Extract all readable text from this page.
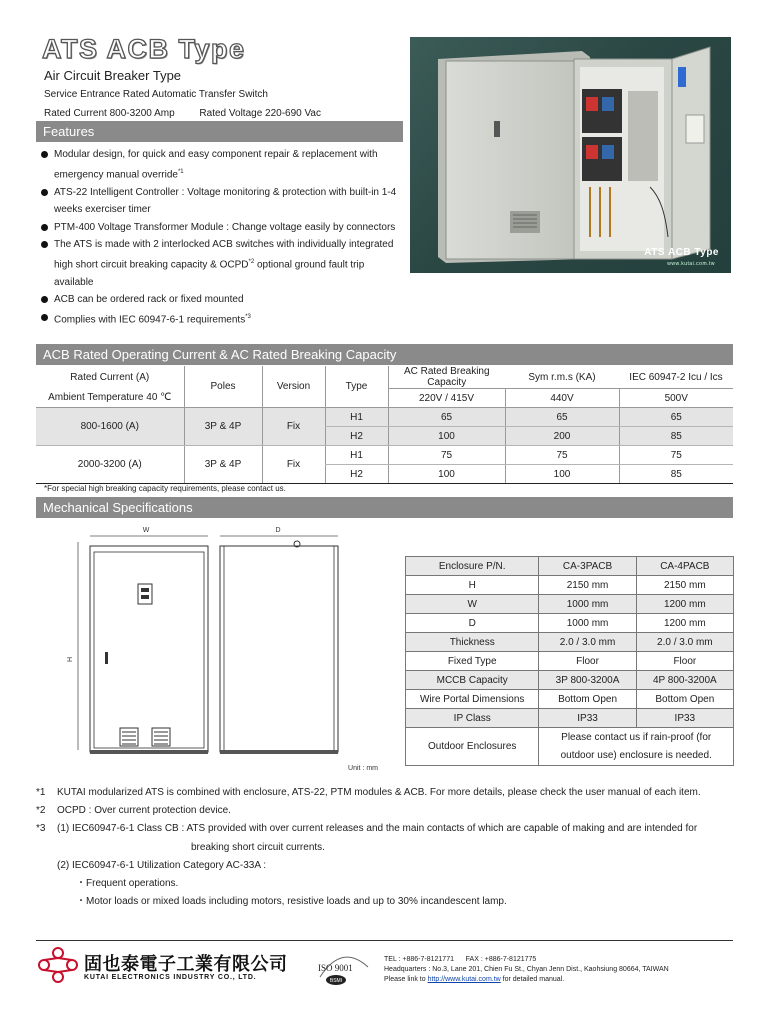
ATS ACB Type
Air Circuit Breaker Type
Service Entrance Rated Automatic Transfer Switch
Rated Current 800-3200 Amp Rated Voltage 220-690 Vac
Features
Modular design, for quick and easy component repair & replacement with emergency manual override$^{*1}$
ATS-22 Intelligent Controller : Voltage monitoring & protection with built-in 1-4 weeks exerciser timer
PTM-400 Voltage Transformer Module : Change voltage easily by connectors
The ATS is made with 2 interlocked ACB switches with individually integrated high short circuit breaking capacity & OCPD$^{*2}$ optional ground fault trip available
ACB can be ordered rack or fixed mounted
Complies with IEC 60947-6-1 requirements$^{*3}$
ATS ACB Type
www.kutai.com.tw
ACB Rated Operating Current & AC Rated Breaking Capacity
Rated Current (A)	Poles	Version	Type	AC Rated Breaking Capacity	Sym r.m.s (KA)	IEC 60947-2 Icu / Ics
Ambient Temperature 40 ℃				220V / 415V	440V	500V
800-1600 (A)	3P & 4P	Fix	H1	65	65	65
			H2	100	200	85
2000-3200 (A)	3P & 4P	Fix	H1	75	75	75
			H2	100	100	85
*For special high breaking capacity requirements, please contact us.
Mechanical Specifications
W	D
H
Unit : mm
Enclosure P/N.	CA-3PACB	CA-4PACB
H	2150 mm	2150 mm
W	1000 mm	1200 mm
D	1000 mm	1200 mm
Thickness	2.0 / 3.0 mm	2.0 / 3.0 mm
Fixed Type	Floor	Floor
MCCB Capacity	3P 800-3200A	4P 800-3200A
Wire Portal Dimensions	Bottom Open	Bottom Open
IP Class	IP33	IP33
Outdoor Enclosures	Please contact us if rain-proof (for
outdoor use) enclosure is needed.	
*1	KUTAI modularized ATS is combined with enclosure, ATS-22, PTM modules & ACB. For more details, please check the user manual of each item.
*2	OCPD : Over current protection device.
*3	(1) IEC60947-6-1 Class CB : ATS provided with over current releases and the main contacts of which are capable of making and are intended for
breaking short circuit currents.
(2) IEC60947-6-1 Utilization Category AC-33A :
・Frequent operations.
・Motor loads or mixed loads including motors, resistive loads and up to 30% incandescent lamp.
固也泰電子工業有限公司
KUTAI ELECTRONICS INDUSTRY CO., LTD.
ISO 9001
BSMI
TEL : +886-7-8121771 FAX : +886-7-8121775
Headquarters : No.3, Lane 201, Chien Fu St., Chyan Jenn Dist., Kaohsiung 80664, TAIWAN
Please link to http://www.kutai.com.tw for detailed manual.
